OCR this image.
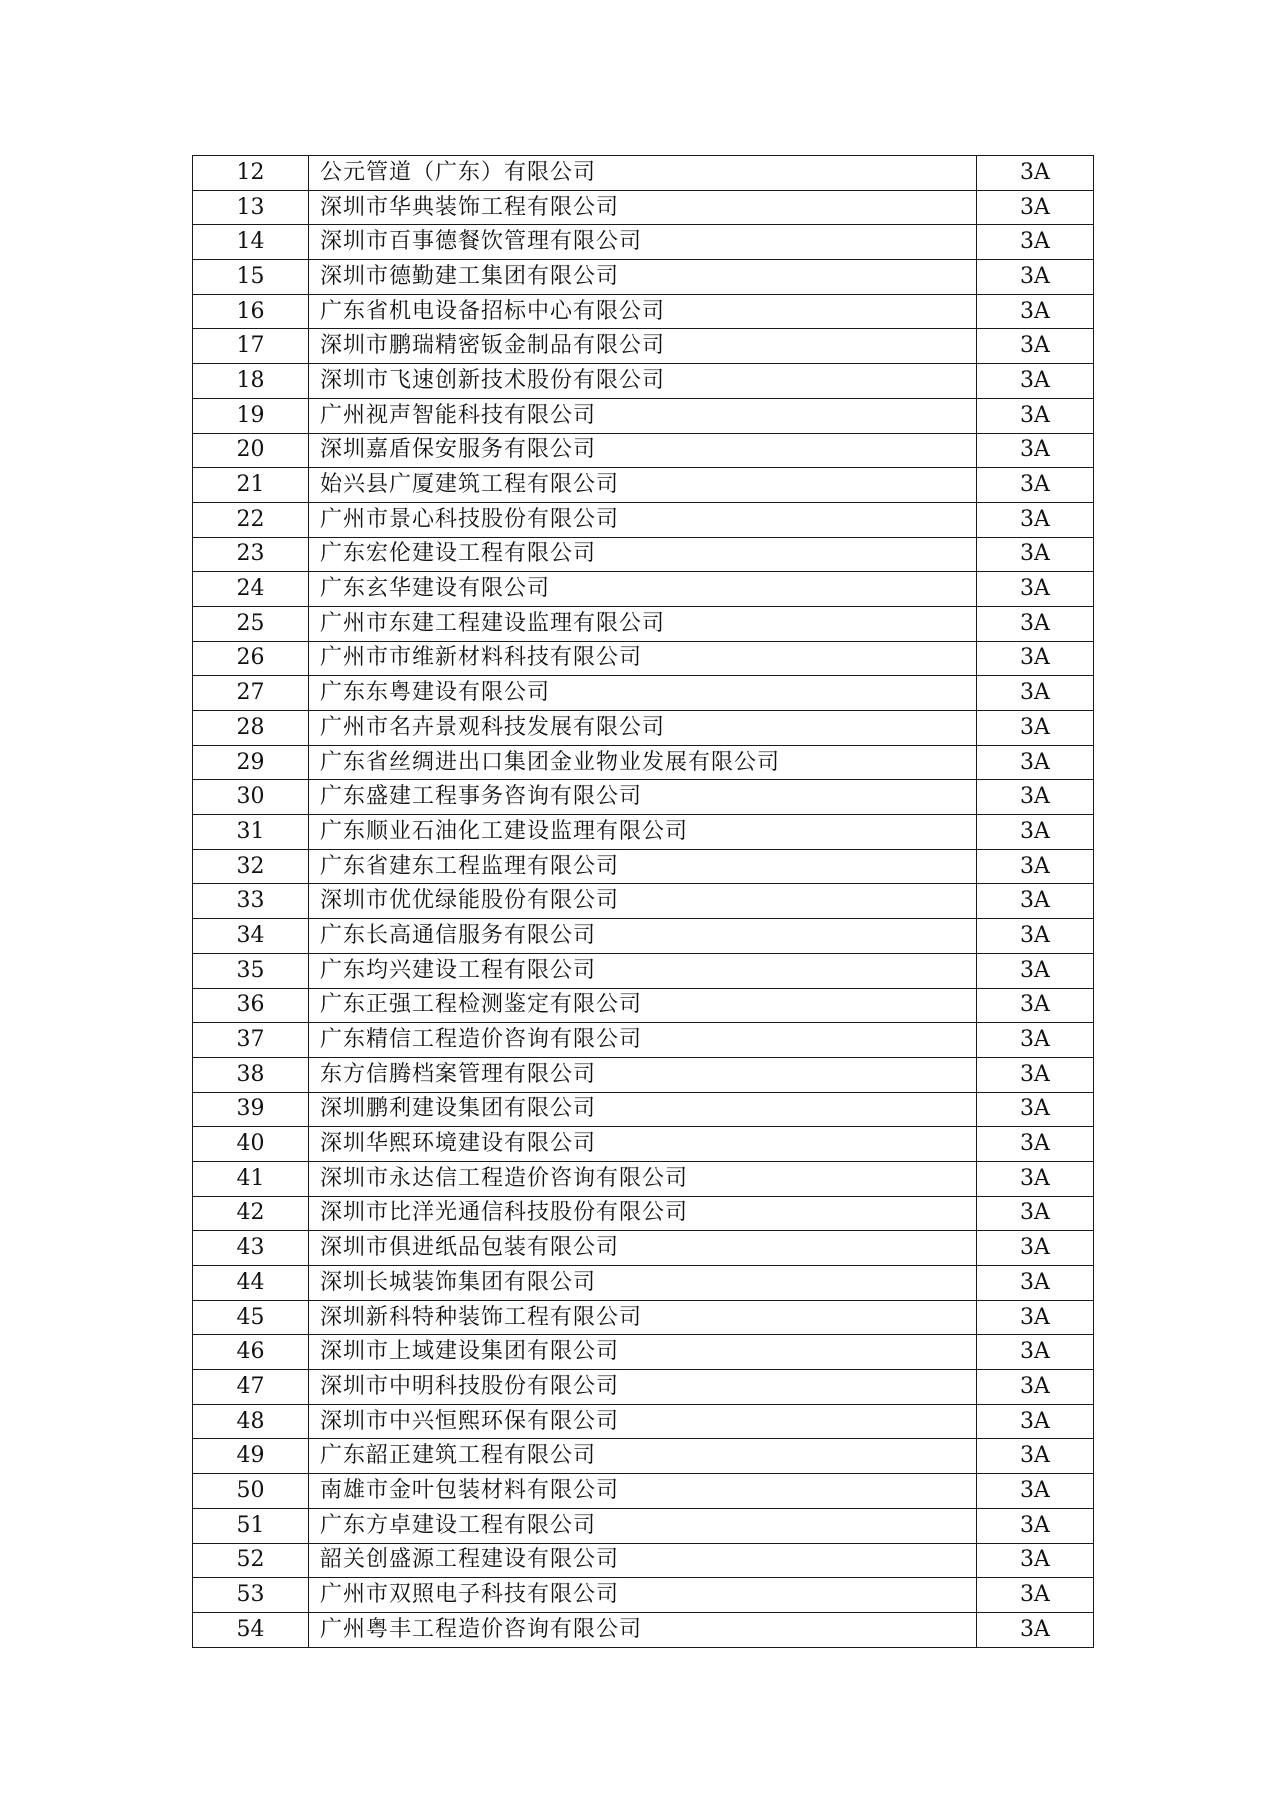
12	公元管道（广东）有限公司	3A
13	深圳市华典装饰工程有限公司	3A
14	深圳市百事德餐饮管理有限公司	3A
15	深圳市德勤建工集团有限公司	3A
16	广东省机电设备招标中心有限公司	3A
17	深圳市鹏瑞精密钣金制品有限公司	3A
18	深圳市飞速创新技术股份有限公司	3A
19	广州视声智能科技有限公司	3A
20	深圳嘉盾保安服务有限公司	3A
21	始兴县广厦建筑工程有限公司	3A
22	广州市景心科技股份有限公司	3A
23	广东宏伦建设工程有限公司	3A
24	广东玄华建设有限公司	3A
25	广州市东建工程建设监理有限公司	3A
26	广州市市维新材料科技有限公司	3A
27	广东东粤建设有限公司	3A
28	广州市名卉景观科技发展有限公司	3A
29	广东省丝绸进出口集团金业物业发展有限公司	3A
30	广东盛建工程事务咨询有限公司	3A
31	广东顺业石油化工建设监理有限公司	3A
32	广东省建东工程监理有限公司	3A
33	深圳市优优绿能股份有限公司	3A
34	广东长高通信服务有限公司	3A
35	广东均兴建设工程有限公司	3A
36	广东正强工程检测鉴定有限公司	3A
37	广东精信工程造价咨询有限公司	3A
38	东方信腾档案管理有限公司	3A
39	深圳鹏利建设集团有限公司	3A
40	深圳华熙环境建设有限公司	3A
41	深圳市永达信工程造价咨询有限公司	3A
42	深圳市比洋光通信科技股份有限公司	3A
43	深圳市俱进纸品包装有限公司	3A
44	深圳长城装饰集团有限公司	3A
45	深圳新科特种装饰工程有限公司	3A
46	深圳市上域建设集团有限公司	3A
47	深圳市中明科技股份有限公司	3A
48	深圳市中兴恒熙环保有限公司	3A
49	广东韶正建筑工程有限公司	3A
50	南雄市金叶包装材料有限公司	3A
51	广东方卓建设工程有限公司	3A
52	韶关创盛源工程建设有限公司	3A
53	广州市双照电子科技有限公司	3A
54	广州粤丰工程造价咨询有限公司	3A
